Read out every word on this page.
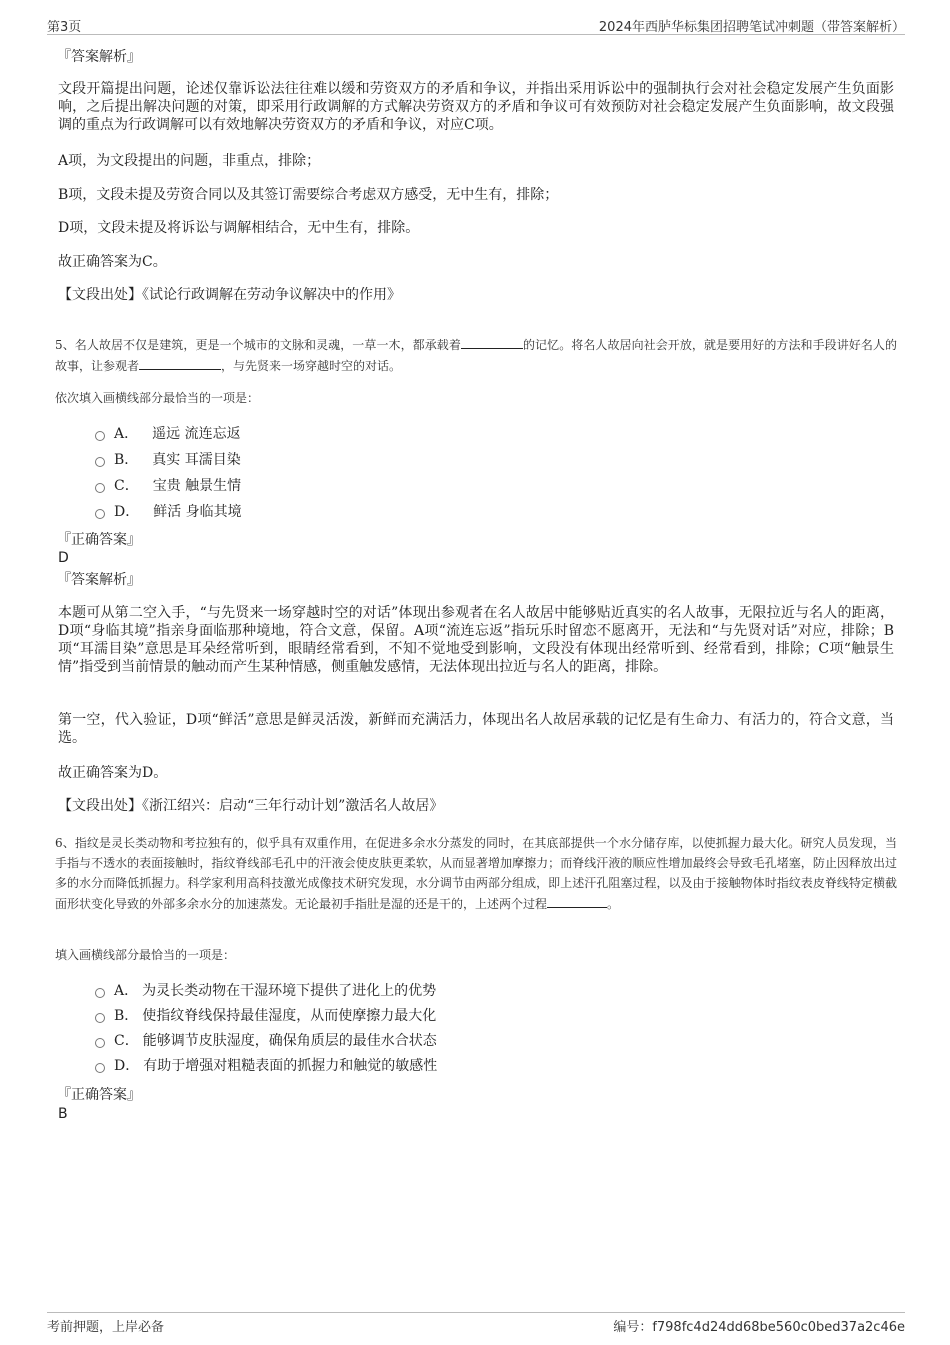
第3页	2024年西胪华标集团招聘笔试冲刺题（带答案解析）
『答案解析』
文段开篇提出问题，论述仅靠诉讼法往往难以缓和劳资双方的矛盾和争议，并指出采用诉讼中的强制执行会对社会稳定发展产生负面影响，之后提出解决问题的对策，即采用行政调解的方式解决劳资双方的矛盾和争议可有效预防对社会稳定发展产生负面影响，故文段强调的重点为行政调解可以有效地解决劳资双方的矛盾和争议，对应C项。
A项，为文段提出的问题，非重点，排除；
B项，文段未提及劳资合同以及其签订需要综合考虑双方感受，无中生有，排除；
D项，文段未提及将诉讼与调解相结合，无中生有，排除。
故正确答案为C。
【文段出处】《试论行政调解在劳动争议解决中的作用》
5、名人故居不仅是建筑，更是一个城市的文脉和灵魂，一草一木，都承载着	的记忆。将名人故居向社会开放，就是要用好的方法和手段讲好名人的故事，让参观者	，与先贤来一场穿越时空的对话。
依次填入画横线部分最恰当的一项是：
A． 遥远 流连忘返
B． 真实 耳濡目染
C． 宝贵 触景生情
D． 鲜活 身临其境
『正确答案』
D
『答案解析』
本题可从第二空入手，“与先贤来一场穿越时空的对话”体现出参观者在名人故居中能够贴近真实的名人故事，无限拉近与名人的距离，D项“身临其境”指亲身面临那种境地，符合文意，保留。A项“流连忘返”指玩乐时留恋不愿离开，无法和“与先贤对话”对应，排除；B项“耳濡目染”意思是耳朵经常听到，眼睛经常看到，不知不觉地受到影响，文段没有体现出经常听到、经常看到，排除；C项“触景生情”指受到当前情景的触动而产生某种情感，侧重触发感情，无法体现出拉近与名人的距离，排除。
第一空，代入验证，D项“鲜活”意思是鲜灵活泼，新鲜而充满活力，体现出名人故居承载的记忆是有生命力、有活力的，符合文意，当选。
故正确答案为D。
【文段出处】《浙江绍兴：启动“三年行动计划”激活名人故居》
6、指纹是灵长类动物和考拉独有的，似乎具有双重作用，在促进多余水分蒸发的同时，在其底部提供一个水分储存库，以使抓握力最大化。研究人员发现，当手指与不透水的表面接触时，指纹脊线部毛孔中的汗液会使皮肤更柔软，从而显著增加摩擦力；而脊线汗液的顺应性增加最终会导致毛孔堵塞，防止因释放出过多的水分而降低抓握力。科学家利用高科技激光成像技术研究发现，水分调节由两部分组成，即上述汗孔阻塞过程，以及由于接触物体时指纹表皮脊线特定横截面形状变化导致的外部多余水分的加速蒸发。无论最初手指肚是湿的还是干的，上述两个过程	。
填入画横线部分最恰当的一项是：
A． 为灵长类动物在干湿环境下提供了进化上的优势
B． 使指纹脊线保持最佳湿度，从而使摩擦力最大化
C． 能够调节皮肤湿度，确保角质层的最佳水合状态
D． 有助于增强对粗糙表面的抓握力和触觉的敏感性
『正确答案』
B
考前押题，上岸必备	编号：f798fc4d24dd68be560c0bed37a2c46e
